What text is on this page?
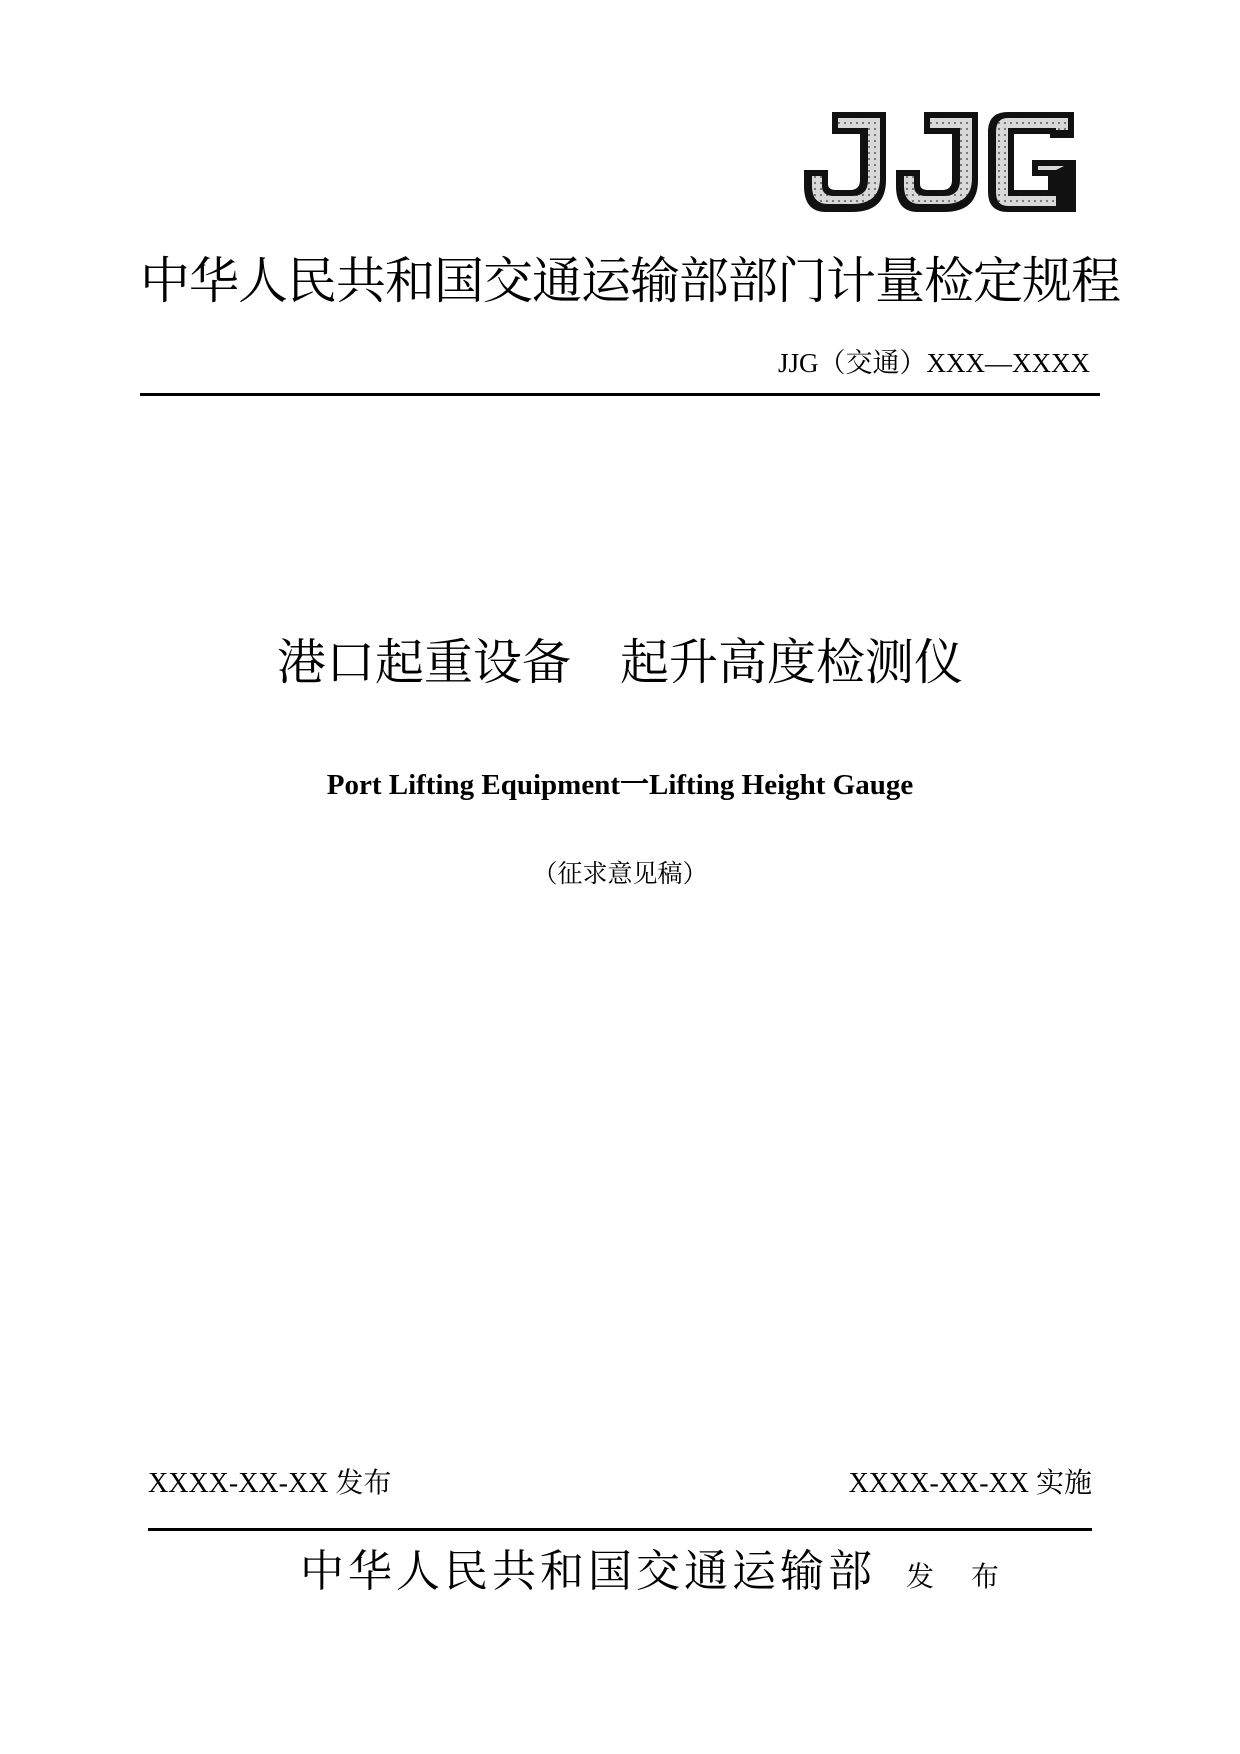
JJG
中华人民共和国交通运输部部门计量检定规程
JJG（交通）XXX—XXXX
港口起重设备　起升高度检测仪
Port Lifting Equipment一Lifting Height Gauge
（征求意见稿）
XXXX-XX-XX 发布	XXXX-XX-XX 实施
中华人民共和国交通运输部 发 布
